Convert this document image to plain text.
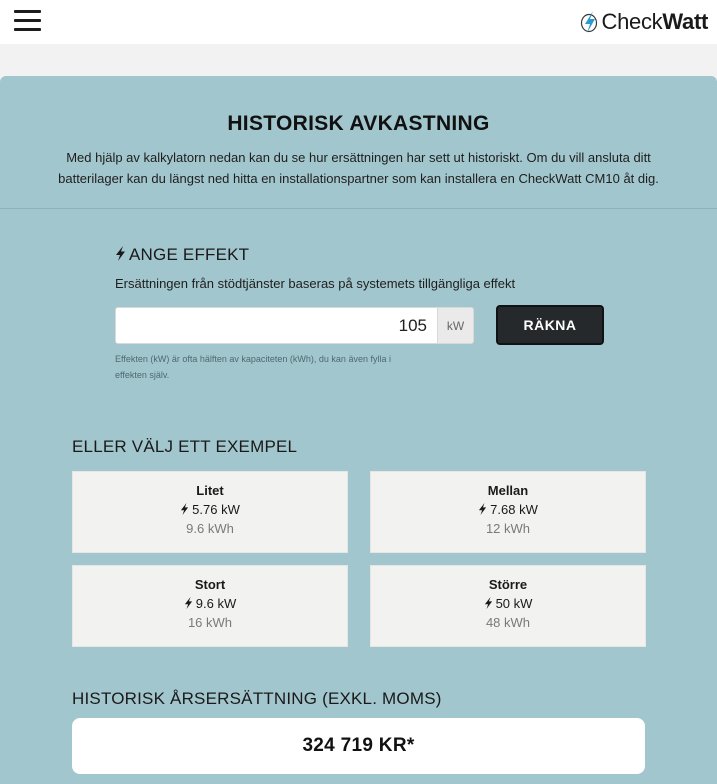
CheckWatt
HISTORISK AVKASTNING

Med hjälp av kalkylatorn nedan kan du se hur ersättningen har sett ut historiskt. Om du vill ansluta ditt
batterilager kan du längst ned hitta en installationspartner som kan installera en CheckWatt CM10 åt dig.

ANGE EFFEKT
Ersättningen från stödtjänster baseras på systemets tillgängliga effekt
105
kW	RÄKNA

Effekten (kW) är ofta hälften av kapaciteten (kWh), du kan även fylla i
effekten själv.

ELLER VÄLJ ETT EXEMPEL
Litet
5.76 kW
9.6 kWh
Mellan
7.68 kW
12 kWh
Stort
9.6 kW
16 kWh
Större
50 kW
48 kWh
HISTORISK ÅRSERSÄTTNING (EXKL. MOMS)
324 719 KR*
